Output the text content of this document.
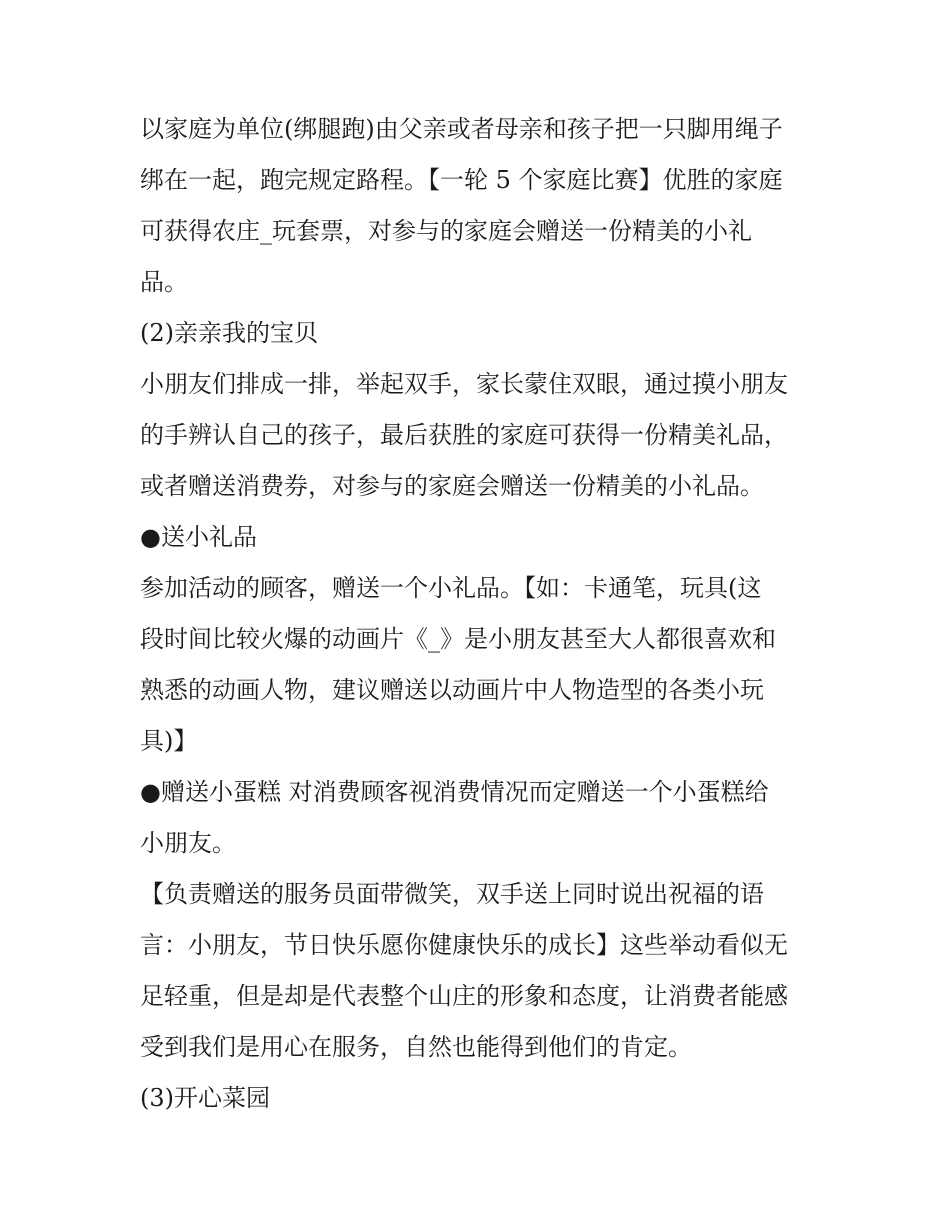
以家庭为单位(绑腿跑)由父亲或者母亲和孩子把一只脚用绳子
绑在一起，跑完规定路程。【一轮 5 个家庭比赛】优胜的家庭
可获得农庄_玩套票，对参与的家庭会赠送一份精美的小礼
品。
(2)亲亲我的宝贝
小朋友们排成一排，举起双手，家长蒙住双眼，通过摸小朋友
的手辨认自己的孩子，最后获胜的家庭可获得一份精美礼品，
或者赠送消费券，对参与的家庭会赠送一份精美的小礼品。
●送小礼品
参加活动的顾客，赠送一个小礼品。【如：卡通笔，玩具(这
段时间比较火爆的动画片《_》是小朋友甚至大人都很喜欢和
熟悉的动画人物，建议赠送以动画片中人物造型的各类小玩
具)】
●赠送小蛋糕 对消费顾客视消费情况而定赠送一个小蛋糕给
小朋友。
【负责赠送的服务员面带微笑，双手送上同时说出祝福的语
言：小朋友，节日快乐愿你健康快乐的成长】这些举动看似无
足轻重，但是却是代表整个山庄的形象和态度，让消费者能感
受到我们是用心在服务，自然也能得到他们的肯定。
(3)开心菜园
